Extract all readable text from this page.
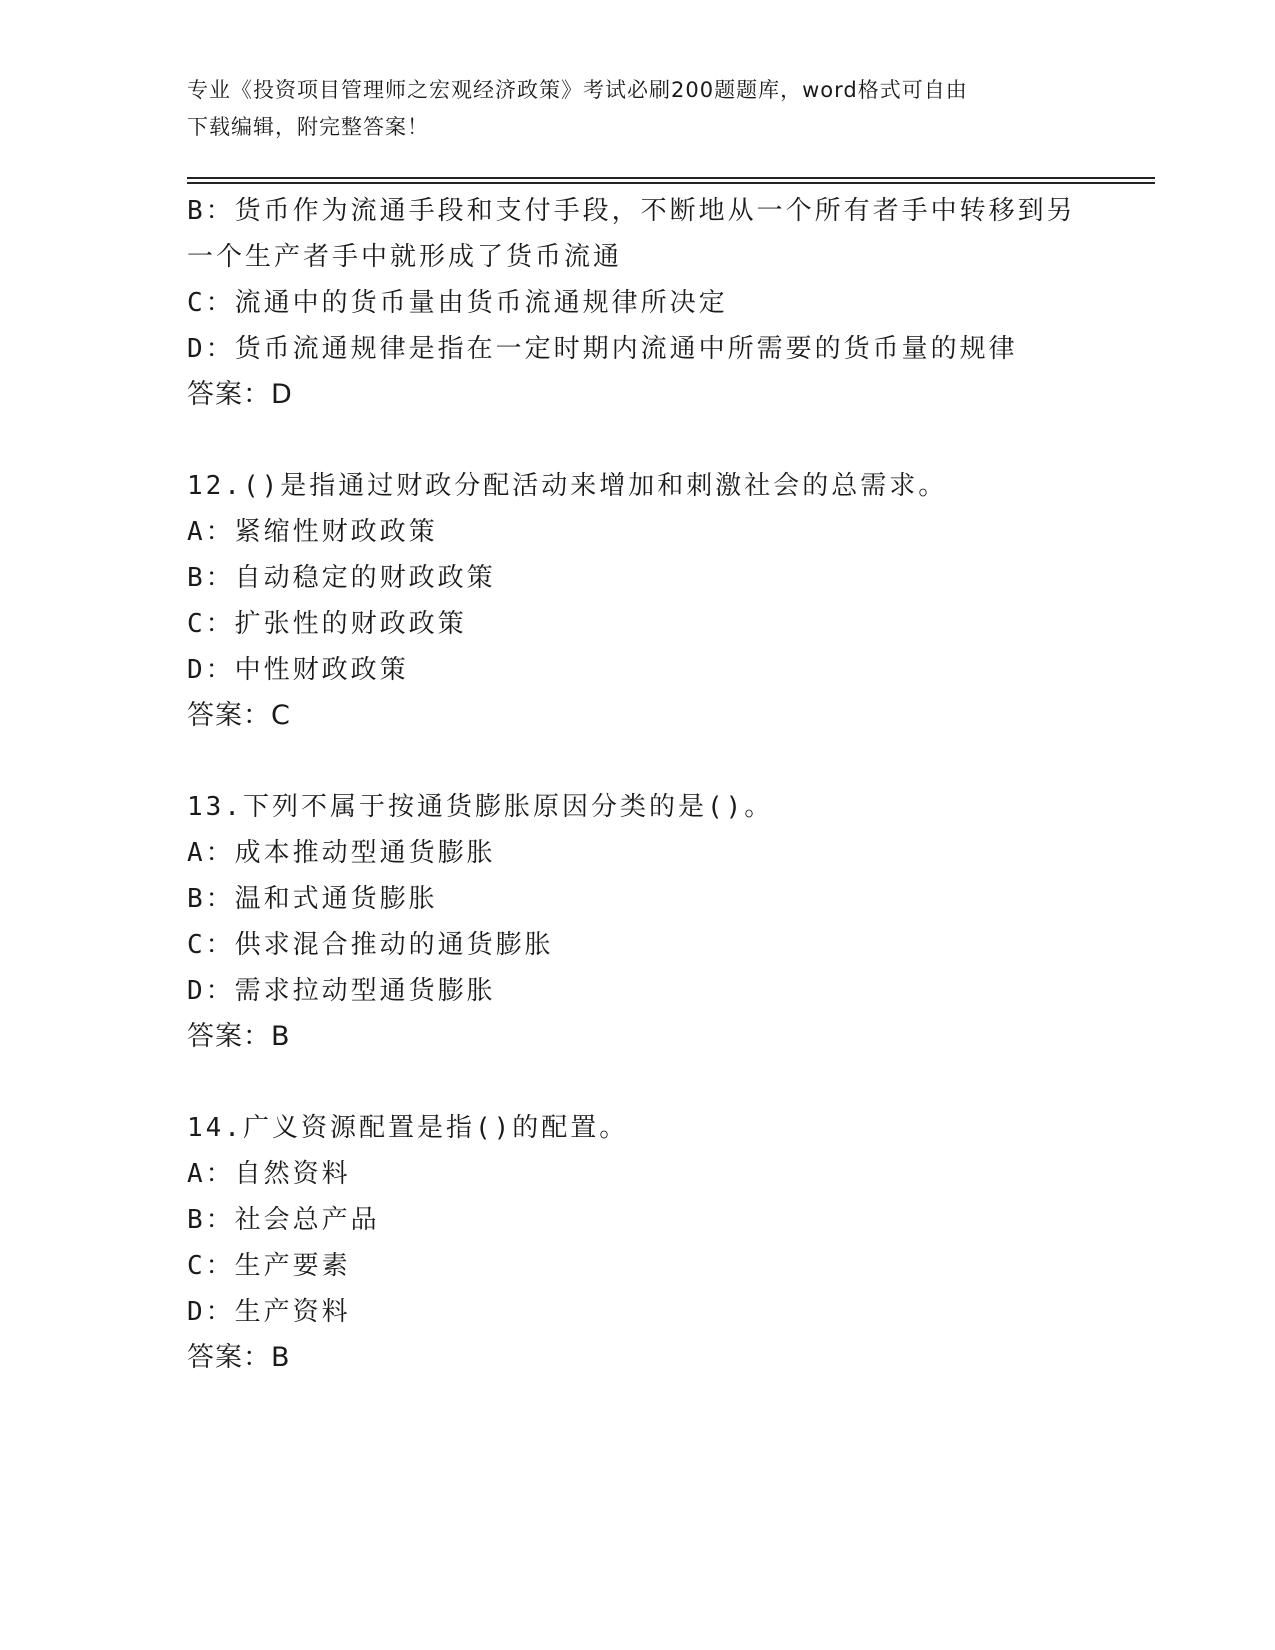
专业《投资项目管理师之宏观经济政策》考试必刷200题题库，word格式可自由
下载编辑，附完整答案！
B：货币作为流通手段和支付手段，不断地从一个所有者手中转移到另
一个生产者手中就形成了货币流通
C：流通中的货币量由货币流通规律所决定
D：货币流通规律是指在一定时期内流通中所需要的货币量的规律
答案：D
12.()是指通过财政分配活动来增加和刺激社会的总需求。
A：紧缩性财政政策
B：自动稳定的财政政策
C：扩张性的财政政策
D：中性财政政策
答案：C
13.下列不属于按通货膨胀原因分类的是()。
A：成本推动型通货膨胀
B：温和式通货膨胀
C：供求混合推动的通货膨胀
D：需求拉动型通货膨胀
答案：B
14.广义资源配置是指()的配置。
A：自然资料
B：社会总产品
C：生产要素
D：生产资料
答案：B
